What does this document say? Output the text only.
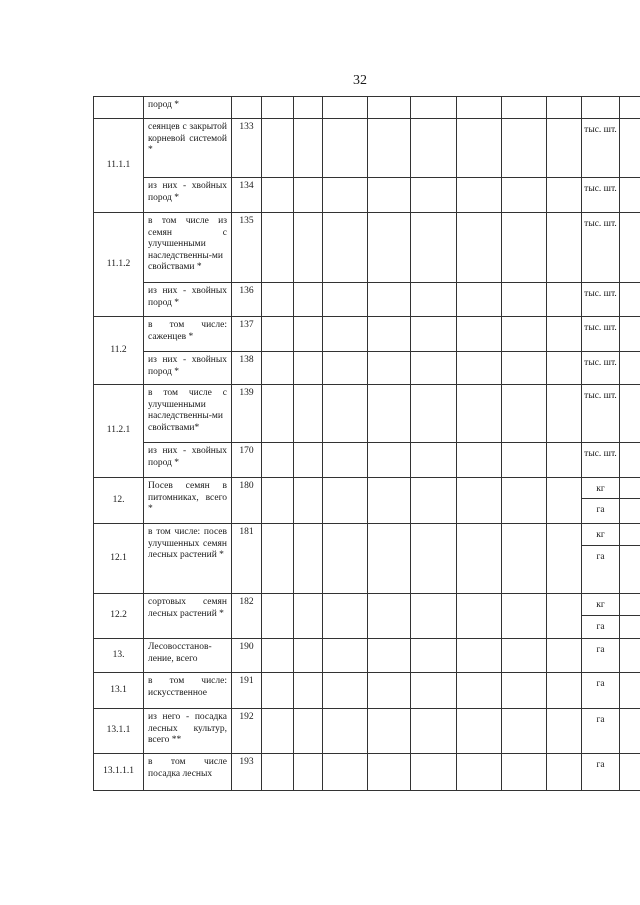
32
	пород *												
11.1.1	сеянцев с закрытой корневой системой *	133									тыс. шт.		
	из них - хвойных пород *	134									тыс. шт.		
11.1.2	в том числе из семян с улучшенными наследственны-ми свойствами *	135									тыс. шт.		
	из них - хвойных пород *	136									тыс. шт.		
11.2	в том числе: саженцев *	137									тыс. шт.		
	из них - хвойных пород *	138									тыс. шт.		
11.2.1	в том числе с улучшенными наследственны-ми свойствами*	139									тыс. шт.		
	из них - хвойных пород *	170									тыс. шт.		
12.	Посев семян в питомниках, всего *	180									кг		
											га		
12.1	в том числе: посев улучшенных семян лесных растений *	181									кг		
											га		
12.2	сортовых семян лесных растений *	182									кг		
											га		
13.	Лесовосстанов-ление, всего	190									га		
13.1	в том числе: искусственное	191									га		
13.1.1	из него - посадка лесных культур, всего **	192									га		
13.1.1.1	в том числе посадка лесных	193									га		
